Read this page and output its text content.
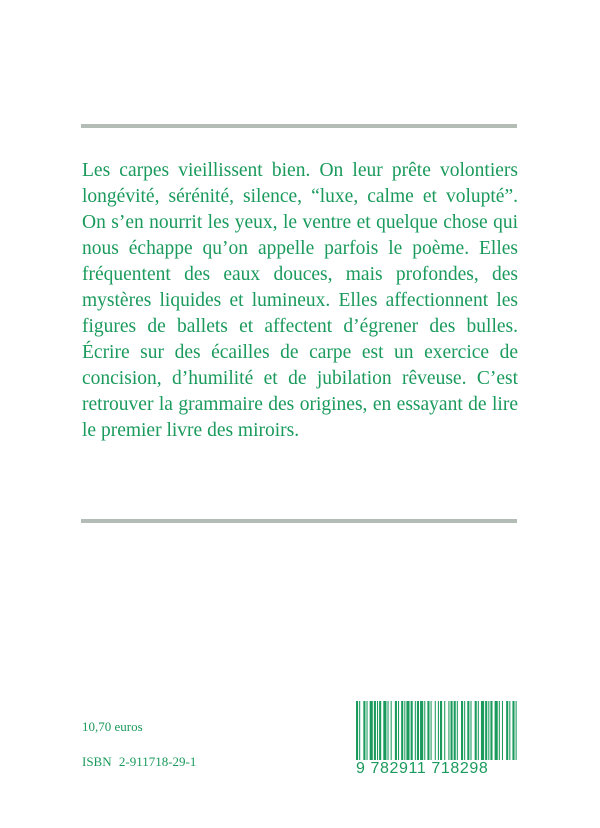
Les carpes vieillissent bien. On leur prête volontiers longévité, sérénité, silence, “luxe, calme et volupté”. On s’en nourrit les yeux, le ventre et quelque chose qui nous échappe qu’on appelle parfois le poème. Elles fréquentent des eaux douces, mais profondes, des mystères liquides et lumineux. Elles affectionnent les figures de ballets et affectent d’égrener des bulles. Écrire sur des écailles de carpe est un exercice de concision, d’humilité et de jubilation rêveuse. C’est retrouver la grammaire des origines, en essayant de lire le premier livre des miroirs.

10,70 euros
ISBN 2-911718-29-1	9 782911 718298
